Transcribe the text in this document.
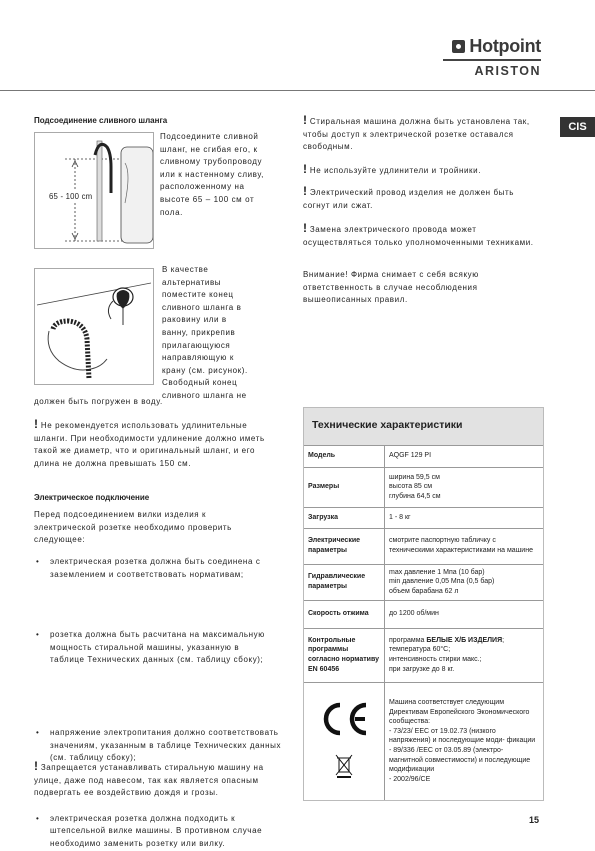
Hotpoint
ARISTON
CIS
Подсоединение сливного шланга
65 - 100 cm
Подсоедините сливной шланг, не сгибая его, к сливному трубопроводу или к настенному сливу, расположенному на высоте 65 – 100 см от пола.
В качестве
альтернативы
поместите конец
сливного шланга в
раковину или в
ванну, прикрепив
прилагающуюся
направляющую к
крану (см. рисунок).
Свободный конец
сливного шланга не
должен быть погружен в воду.
! Не рекомендуется использовать удлинительные шланги. При необходимости удлинение должно иметь такой же диаметр, что и оригинальный шланг, и его длина не должна превышать 150 см.
Электрическое подключение
Перед подсоединением вилки изделия к электрической розетке необходимо проверить следующее:
• электрическая розетка должна быть соединена с заземлением и соответствовать нормативам;
• розетка должна быть расчитана на максимальную мощность стиральной машины, указанную в таблице Технических данных (см. таблицу сбоку);
• напряжение электропитания должно соответствовать значениям, указанным в таблице Технических данных (см. таблицу сбоку);
• электрическая розетка должна подходить к штепсельной вилке машины. В противном случае необходимо заменить розетку или вилку.
! Запрещается устанавливать стиральную машину на улице, даже под навесом, так как является опасным подвергать ее воздействию дождя и грозы.
! Стиральная машина должна быть установлена так, чтобы доступ к электрической розетке оставался свободным.
! Не используйте удлинители и тройники.
! Электрический провод изделия не должен быть согнут или сжат.
! Замена электрического провода может осуществляться только уполномоченными техниками.
Внимание! Фирма снимает с себя всякую ответственность в случае несоблюдения вышеописанных правил.
Технические характеристики
Модель	AQGF 129 PI
Размеры	ширина 59,5 см
высота 85 см
глубина 64,5 см
Загрузка	1 - 8 кг
Электрические параметры	смотрите паспортную табличку с техническими характеристиками на машине
Гидравлические параметры	max давление 1 Mпa (10 бар)
min давление 0,05 Mпa (0,5 бар)
объем барабана 62 л
Скорость отжима	до 1200 об/мин
Контрольные программы согласно нормативу EN 60456	программа БЕЛЫЕ Х/Б ИЗДЕЛИЯ;
температура 60°C;
интенсивность стирки макс.;
при загрузке до 8 кг.

	Машина соответствует следующим Директивам Европейского Экономического сообщества:
- 73/23/ ЕЕС от 19.02.73 (низкого напряжения) и последующие моди- фикации
- 89/336 /ЕЕС от 03.05.89 (электро- магнитной совместимости) и последующие модификации
- 2002/96/CE
15
